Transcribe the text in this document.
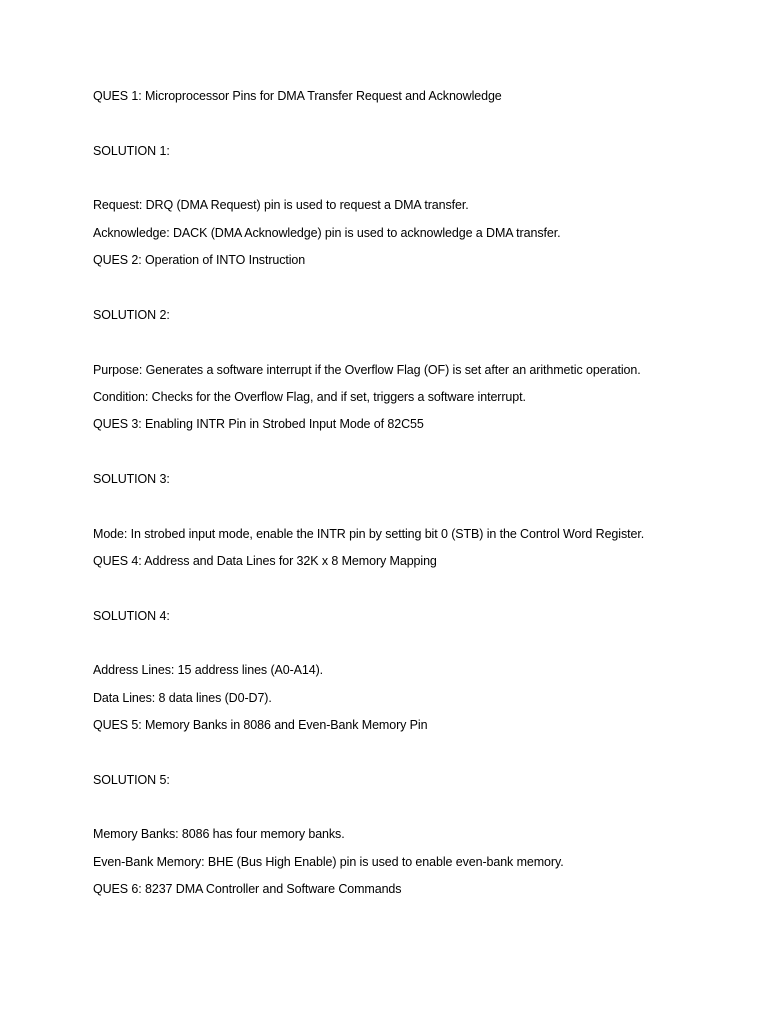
QUES 1: Microprocessor Pins for DMA Transfer Request and Acknowledge
SOLUTION 1:
Request: DRQ (DMA Request) pin is used to request a DMA transfer.
Acknowledge: DACK (DMA Acknowledge) pin is used to acknowledge a DMA transfer.
QUES 2: Operation of INTO Instruction
SOLUTION 2:
Purpose: Generates a software interrupt if the Overflow Flag (OF) is set after an arithmetic operation.
Condition: Checks for the Overflow Flag, and if set, triggers a software interrupt.
QUES 3: Enabling INTR Pin in Strobed Input Mode of 82C55
SOLUTION 3:
Mode: In strobed input mode, enable the INTR pin by setting bit 0 (STB) in the Control Word Register.
QUES 4: Address and Data Lines for 32K x 8 Memory Mapping
SOLUTION 4:
Address Lines: 15 address lines (A0-A14).
Data Lines: 8 data lines (D0-D7).
QUES 5: Memory Banks in 8086 and Even-Bank Memory Pin
SOLUTION 5:
Memory Banks: 8086 has four memory banks.
Even-Bank Memory: BHE (Bus High Enable) pin is used to enable even-bank memory.
QUES 6: 8237 DMA Controller and Software Commands
